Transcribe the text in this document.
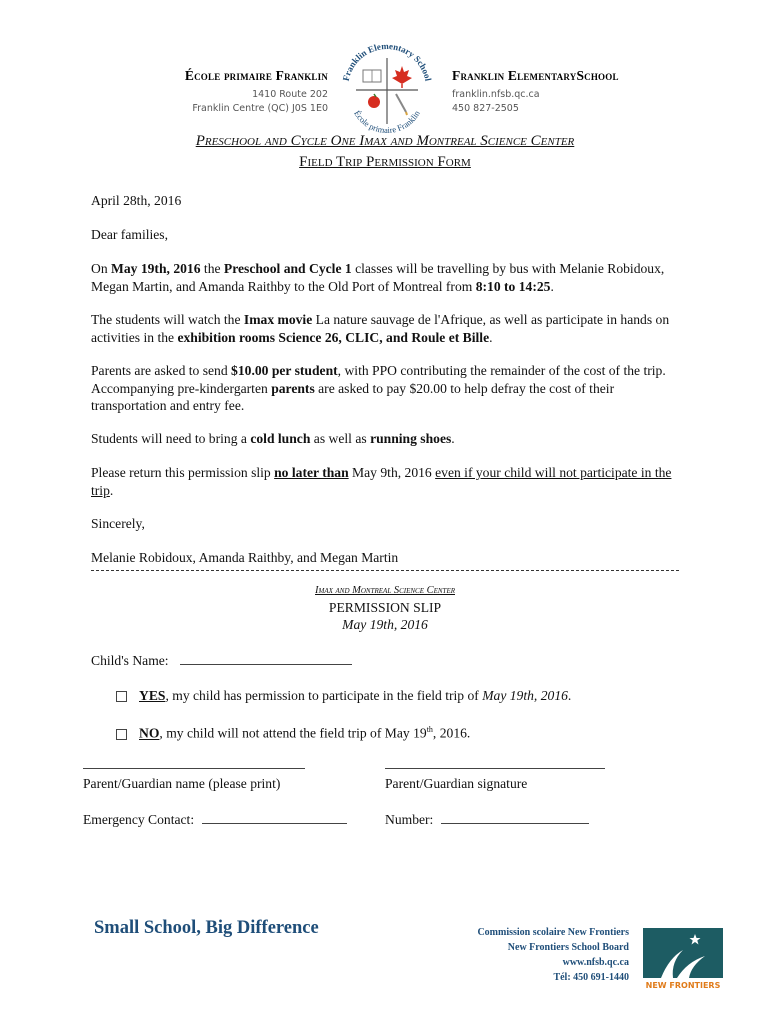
École primaire Franklin
1410 Route 202
Franklin Centre (QC) J0S 1E0
Franklin Elementary School
École primaire Franklin
Franklin ElementarySchool
franklin.nfsb.qc.ca
450 827-2505
Preschool and Cycle One Imax and Montreal Science Center
Field Trip Permission Form
April 28th, 2016
Dear families,
On May 19th, 2016 the Preschool and Cycle 1 classes will be travelling by bus with Melanie Robidoux, Megan Martin, and Amanda Raithby to the Old Port of Montreal from 8:10 to 14:25.
The students will watch the Imax movie La nature sauvage de l'Afrique, as well as participate in hands on activities in the exhibition rooms Science 26, CLIC, and Roule et Bille.
Parents are asked to send $10.00 per student, with PPO contributing the remainder of the cost of the trip. Accompanying pre-kindergarten parents are asked to pay $20.00 to help defray the cost of their transportation and entry fee.
Students will need to bring a cold lunch as well as running shoes.
Please return this permission slip no later than May 9th, 2016 even if your child will not participate in the trip.
Sincerely,
Melanie Robidoux, Amanda Raithby, and Megan Martin
Imax and Montreal Science Center
PERMISSION SLIP
May 19th, 2016
Child's Name:
YES, my child has permission to participate in the field trip of May 19th, 2016.
NO, my child will not attend the field trip of May 19th, 2016.
Parent/Guardian name (please print)	Parent/Guardian signature
Emergency Contact:	Number:
Small School, Big Difference	Commission scolaire New Frontiers
New Frontiers School Board
www.nfsb.qc.ca
Tél: 450 691-1440
NEW FRONTIERS
